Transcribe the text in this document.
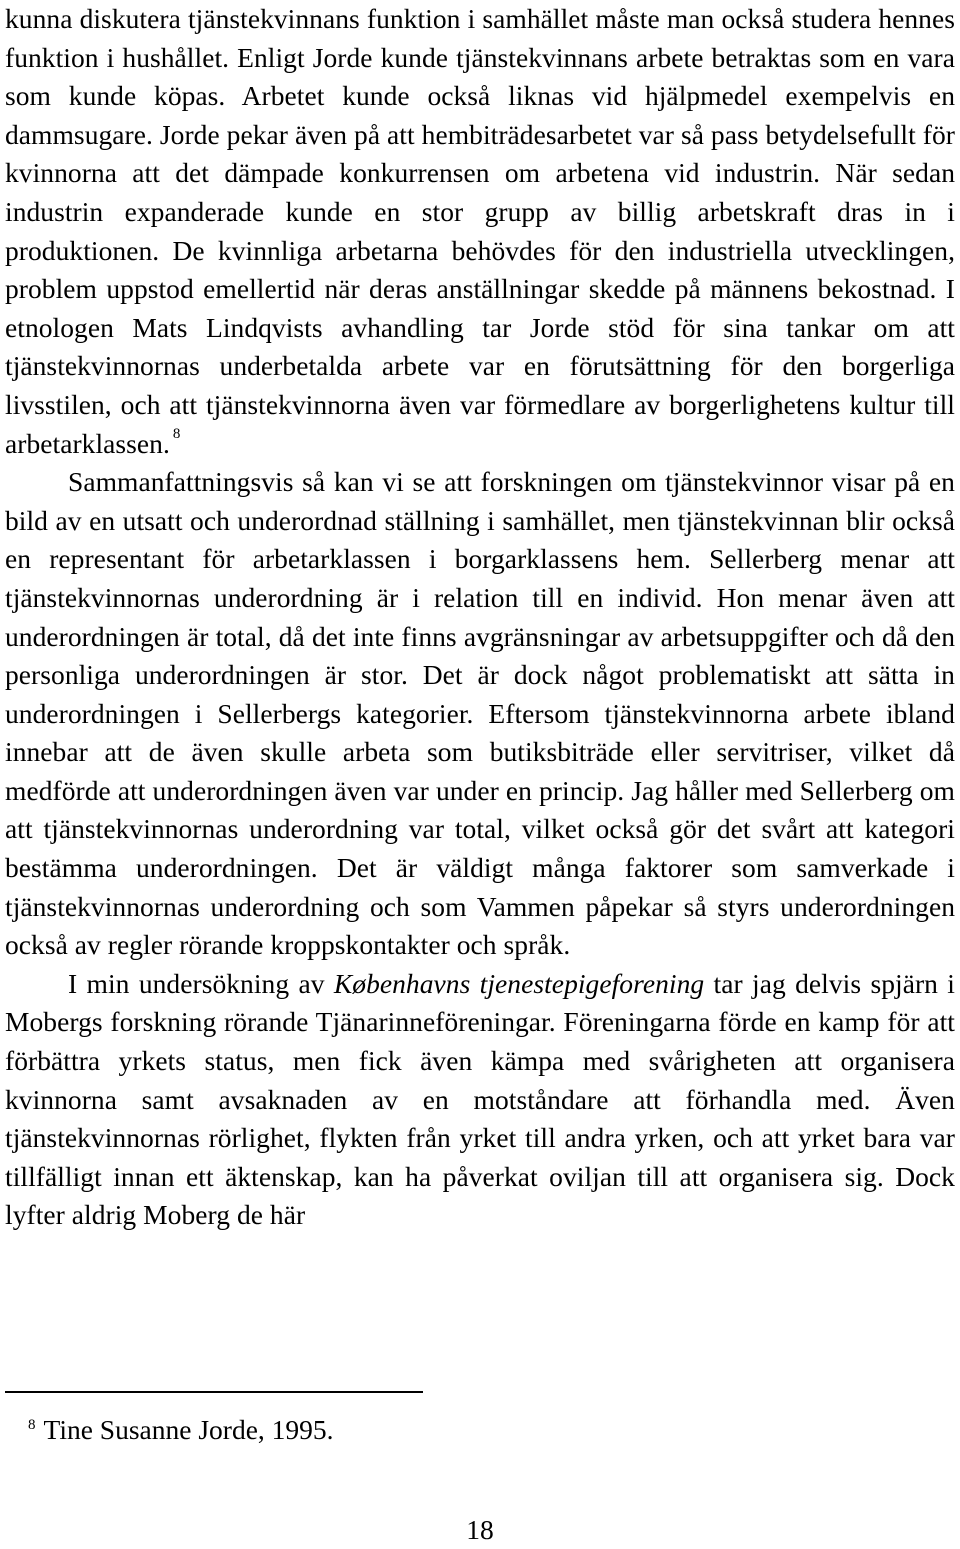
kunna diskutera tjänstekvinnans funktion i samhället måste man också studera hennes funktion i hushållet. Enligt Jorde kunde tjänstekvinnans arbete betraktas som en vara som kunde köpas. Arbetet kunde också liknas vid hjälpmedel exempelvis en dammsugare. Jorde pekar även på att hembiträdesarbetet var så pass betydelsefullt för kvinnorna att det dämpade konkurrensen om arbetena vid industrin. När sedan industrin expanderade kunde en stor grupp av billig arbetskraft dras in i produktionen. De kvinnliga arbetarna behövdes för den industriella utvecklingen, problem uppstod emellertid när deras anställningar skedde på männens bekostnad. I etnologen Mats Lindqvists avhandling tar Jorde stöd för sina tankar om att tjänstekvinnornas underbetalda arbete var en förutsättning för den borgerliga livsstilen, och att tjänstekvinnorna även var förmedlare av borgerlighetens kultur till arbetarklassen. $^8$

Sammanfattningsvis så kan vi se att forskningen om tjänstekvinnor visar på en bild av en utsatt och underordnad ställning i samhället, men tjänstekvinnan blir också en representant för arbetarklassen i borgarklassens hem. Sellerberg menar att tjänstekvinnornas underordning är i relation till en individ. Hon menar även att underordningen är total, då det inte finns avgränsningar av arbetsuppgifter och då den personliga underordningen är stor. Det är dock något problematiskt att sätta in underordningen i Sellerbergs kategorier. Eftersom tjänstekvinnorna arbete ibland innebar att de även skulle arbeta som butiksbiträde eller servitriser, vilket då medförde att underordningen även var under en princip. Jag håller med Sellerberg om att tjänstekvinnornas underordning var total, vilket också gör det svårt att kategori bestämma underordningen. Det är väldigt många faktorer som samverkade i tjänstekvinnornas underordning och som Vammen påpekar så styrs underordningen också av regler rörande kroppskontakter och språk.

I min undersökning av Københavns tjenestepigeforening tar jag delvis spjärn i Mobergs forskning rörande Tjänarinneföreningar. Föreningarna förde en kamp för att förbättra yrkets status, men fick även kämpa med svårigheten att organisera kvinnorna samt avsaknaden av en motståndare att förhandla med. Även tjänstekvinnornas rörlighet, flykten från yrket till andra yrken, och att yrket bara var tillfälligt innan ett äktenskap, kan ha påverkat oviljan till att organisera sig. Dock lyfter aldrig Moberg de här

$^8$ Tine Susanne Jorde, 1995.
18
